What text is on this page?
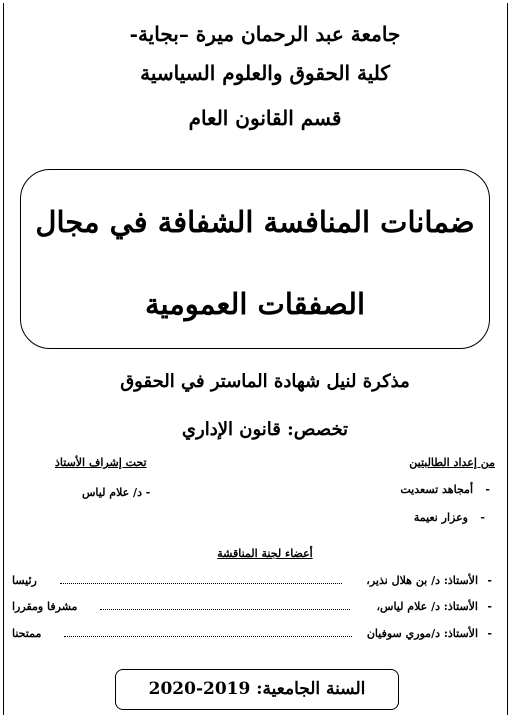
جامعة عبد الرحمان ميرة –بجاية-
كلية الحقوق والعلوم السياسية
قسم القانون العام
ضمانات المنافسة الشفافة في مجال
الصفقات العمومية
مذكرة لنيل شهادة الماستر في الحقوق
تخصص: قانون الإداري
من إعداد الطالبتين
أمجاهد تسعديت -
وعزار نعيمة -
تحت إشراف الأستاذ
- د/ علام لياس
أعضاء لجنة المناقشة
-
الأستاذ: د/ بن هلال نذير،
رئيسا
-
الأستاذ: د/ علام لياس،
مشرفا ومقررا
-
الأستاذ: د/موري سوفيان
ممتحنا
السنة الجامعية: 2019-2020
